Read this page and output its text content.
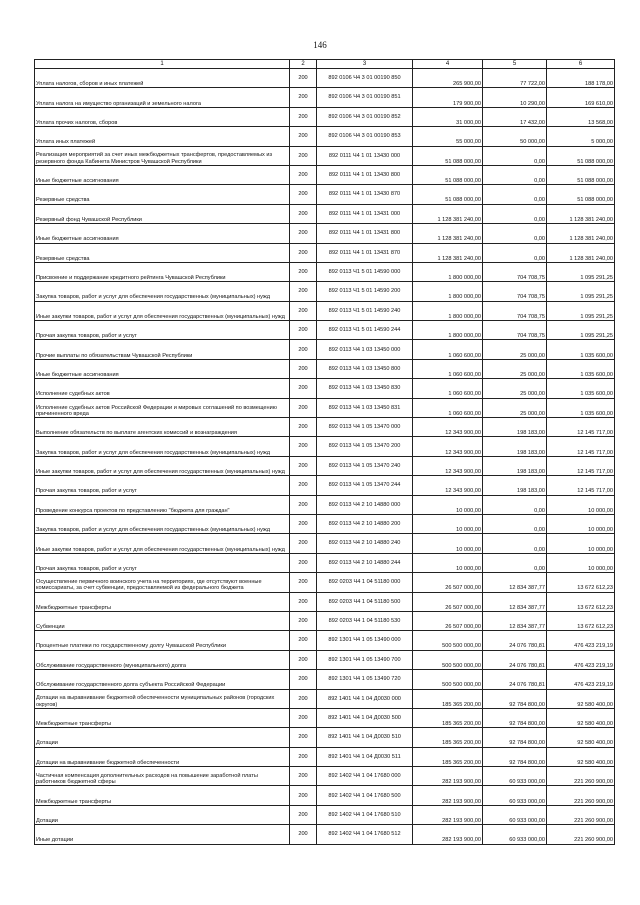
146
1	2	3	4	5	6
Уплата налогов, сборов и иных платежей	200	892 0106 Ч4 3 01 00190 850	265 900,00	77 722,00	188 178,00
Уплата налога на имущество организаций и земельного налога	200	892 0106 Ч4 3 01 00190 851	179 900,00	10 290,00	169 610,00
Уплата прочих налогов, сборов	200	892 0106 Ч4 3 01 00190 852	31 000,00	17 432,00	13 568,00
Уплата иных платежей	200	892 0106 Ч4 3 01 00190 853	55 000,00	50 000,00	5 000,00
Реализация мероприятий за счет иных межбюджетных трансфертов, предоставляемых из резервного фонда Кабинета Министров Чувашской Республики	200	892 0111 Ч4 1 01 13430 000	51 088 000,00	0,00	51 088 000,00
Иные бюджетные ассигнования	200	892 0111 Ч4 1 01 13430 800	51 088 000,00	0,00	51 088 000,00
Резервные средства	200	892 0111 Ч4 1 01 13430 870	51 088 000,00	0,00	51 088 000,00
Резервный фонд Чувашской Республики	200	892 0111 Ч4 1 01 13431 000	1 128 381 240,00	0,00	1 128 381 240,00
Иные бюджетные ассигнования	200	892 0111 Ч4 1 01 13431 800	1 128 381 240,00	0,00	1 128 381 240,00
Резервные средства	200	892 0111 Ч4 1 01 13431 870	1 128 381 240,00	0,00	1 128 381 240,00
Присвоение и поддержание кредитного рейтинга Чувашской Республики	200	892 0113 Ч1 5 01 14590 000	1 800 000,00	704 708,75	1 095 291,25
Закупка товаров, работ и услуг для обеспечения государственных (муниципальных) нужд	200	892 0113 Ч1 5 01 14590 200	1 800 000,00	704 708,75	1 095 291,25
Иные закупки товаров, работ и услуг для обеспечения государственных (муниципальных) нужд	200	892 0113 Ч1 5 01 14590 240	1 800 000,00	704 708,75	1 095 291,25
Прочая закупка товаров, работ и услуг	200	892 0113 Ч1 5 01 14590 244	1 800 000,00	704 708,75	1 095 291,25
Прочие выплаты по обязательствам Чувашской Республики	200	892 0113 Ч4 1 03 13450 000	1 060 600,00	25 000,00	1 035 600,00
Иные бюджетные ассигнования	200	892 0113 Ч4 1 03 13450 800	1 060 600,00	25 000,00	1 035 600,00
Исполнение судебных актов	200	892 0113 Ч4 1 03 13450 830	1 060 600,00	25 000,00	1 035 600,00
Исполнение судебных актов Российской Федерации и мировых соглашений по возмещению причиненного вреда	200	892 0113 Ч4 1 03 13450 831	1 060 600,00	25 000,00	1 035 600,00
Выполнение обязательств по выплате агентских комиссий и вознаграждения	200	892 0113 Ч4 1 05 13470 000	12 343 900,00	198 183,00	12 145 717,00
Закупка товаров, работ и услуг для обеспечения государственных (муниципальных) нужд	200	892 0113 Ч4 1 05 13470 200	12 343 900,00	198 183,00	12 145 717,00
Иные закупки товаров, работ и услуг для обеспечения государственных (муниципальных) нужд	200	892 0113 Ч4 1 05 13470 240	12 343 900,00	198 183,00	12 145 717,00
Прочая закупка товаров, работ и услуг	200	892 0113 Ч4 1 05 13470 244	12 343 900,00	198 183,00	12 145 717,00
Проведение конкурса проектов по представлению "бюджета для граждан"	200	892 0113 Ч4 2 10 14880 000	10 000,00	0,00	10 000,00
Закупка товаров, работ и услуг для обеспечения государственных (муниципальных) нужд	200	892 0113 Ч4 2 10 14880 200	10 000,00	0,00	10 000,00
Иные закупки товаров, работ и услуг для обеспечения государственных (муниципальных) нужд	200	892 0113 Ч4 2 10 14880 240	10 000,00	0,00	10 000,00
Прочая закупка товаров, работ и услуг	200	892 0113 Ч4 2 10 14880 244	10 000,00	0,00	10 000,00
Осуществление первичного воинского учета на территориях, где отсутствуют военные комиссариаты, за счет субвенции, предоставляемой из федерального бюджета	200	892 0203 Ч4 1 04 51180 000	26 507 000,00	12 834 387,77	13 672 612,23
Межбюджетные трансферты	200	892 0203 Ч4 1 04 51180 500	26 507 000,00	12 834 387,77	13 672 612,23
Субвенции	200	892 0203 Ч4 1 04 51180 530	26 507 000,00	12 834 387,77	13 672 612,23
Процентные платежи по государственному долгу Чувашской Республики	200	892 1301 Ч4 1 05 13490 000	500 500 000,00	24 076 780,81	476 423 219,19
Обслуживание государственного (муниципального) долга	200	892 1301 Ч4 1 05 13490 700	500 500 000,00	24 076 780,81	476 423 219,19
Обслуживание государственного долга субъекта Российской Федерации	200	892 1301 Ч4 1 05 13490 720	500 500 000,00	24 076 780,81	476 423 219,19
Дотации на выравнивание бюджетной обеспеченности муниципальных районов (городских округов)	200	892 1401 Ч4 1 04 Д0030 000	185 365 200,00	92 784 800,00	92 580 400,00
Межбюджетные трансферты	200	892 1401 Ч4 1 04 Д0030 500	185 365 200,00	92 784 800,00	92 580 400,00
Дотации	200	892 1401 Ч4 1 04 Д0030 510	185 365 200,00	92 784 800,00	92 580 400,00
Дотации на выравнивание бюджетной обеспеченности	200	892 1401 Ч4 1 04 Д0030 511	185 365 200,00	92 784 800,00	92 580 400,00
Частичная компенсация дополнительных расходов на повышение заработной платы работников бюджетной сферы	200	892 1402 Ч4 1 04 17680 000	282 193 900,00	60 933 000,00	221 260 900,00
Межбюджетные трансферты	200	892 1402 Ч4 1 04 17680 500	282 193 900,00	60 933 000,00	221 260 900,00
Дотации	200	892 1402 Ч4 1 04 17680 510	282 193 900,00	60 933 000,00	221 260 900,00
Иные дотации	200	892 1402 Ч4 1 04 17680 512	282 193 900,00	60 933 000,00	221 260 900,00
